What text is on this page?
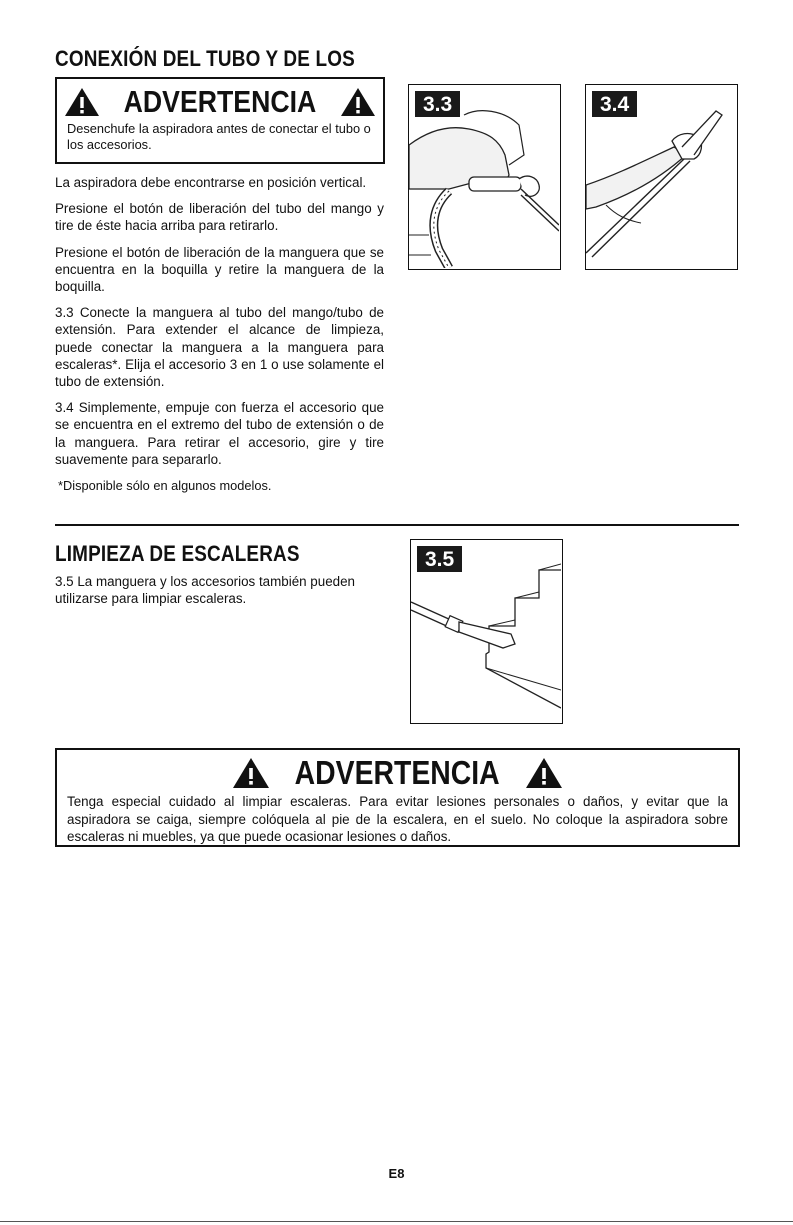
CONEXIÓN DEL TUBO Y DE LOS
ADVERTENCIA

Desenchufe la aspiradora antes de conectar el tubo o los accesorios.

La aspiradora debe encontrarse en posición vertical.

Presione el botón de liberación del tubo del mango y tire de éste hacia arriba para retirarlo.

Presione el botón de liberación de la manguera que se encuentra en la boquilla y retire la manguera de la boquilla.

3.3 Conecte la manguera al tubo del mango/tubo de extensión. Para extender el alcance de limpieza, puede conectar la manguera a la manguera para escaleras*. Elija el accesorio 3 en 1 o use solamente el tubo de extensión.

3.4 Simplemente, empuje con fuerza el accesorio que se encuentra en el extremo del tubo de extensión o de la manguera. Para retirar el accesorio, gire y tire suavemente para separarlo.

*Disponible sólo en algunos modelos.

3.3	3.4
LIMPIEZA DE ESCALERAS

3.5 La manguera y los accesorios también pueden utilizarse para limpiar escaleras.

3.5
ADVERTENCIA

Tenga especial cuidado al limpiar escaleras. Para evitar lesiones personales o daños, y evitar que la aspiradora se caiga, siempre colóquela al pie de la escalera, en el suelo. No coloque la aspiradora sobre escaleras ni muebles, ya que puede ocasionar lesiones o daños.

E8
